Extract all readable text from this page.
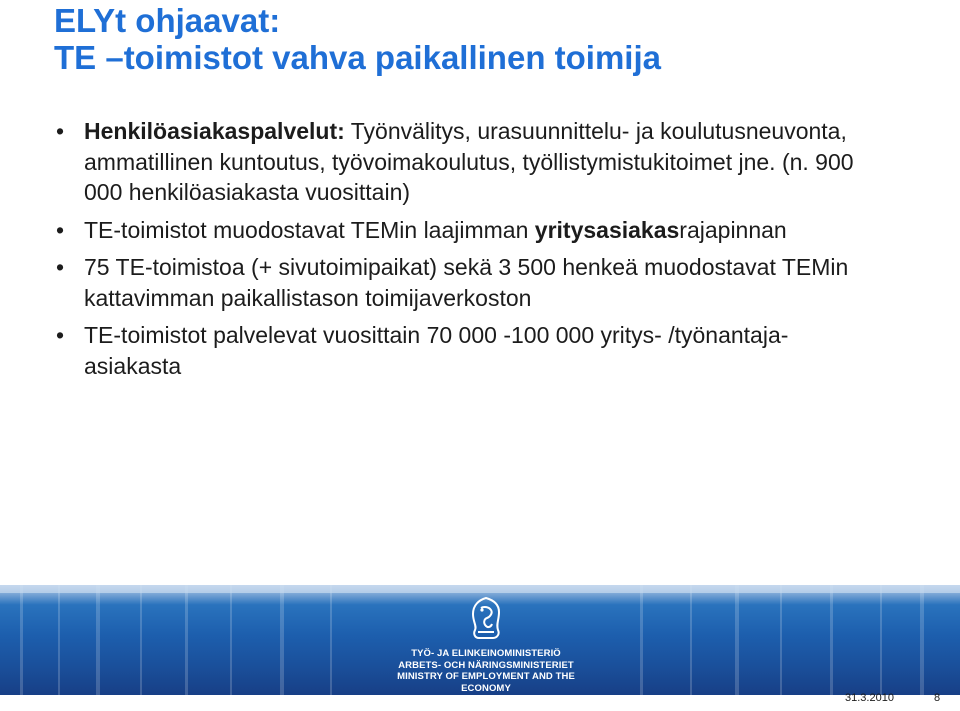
ELYt ohjaavat:
TE –toimistot vahva paikallinen toimija
• Henkilöasiakaspalvelut: Työnvälitys, urasuunnittelu- ja koulutusneuvonta, ammatillinen kuntoutus, työvoimakoulutus, työllistymistukitoimet jne. (n. 900 000 henkilöasiakasta vuosittain)
• TE-toimistot muodostavat TEMin laajimman yritysasiakasrajapinnan
• 75 TE-toimistoa (+ sivutoimipaikat) sekä 3 500 henkeä muodostavat TEMin kattavimman paikallistason toimijaverkoston
• TE-toimistot palvelevat vuosittain 70 000 -100 000 yritys- /työnantaja-asiakasta
TYÖ- JA ELINKEINOMINISTERIÖ
ARBETS- OCH NÄRINGSMINISTERIET
MINISTRY OF EMPLOYMENT AND THE ECONOMY
31.3.2010	8
